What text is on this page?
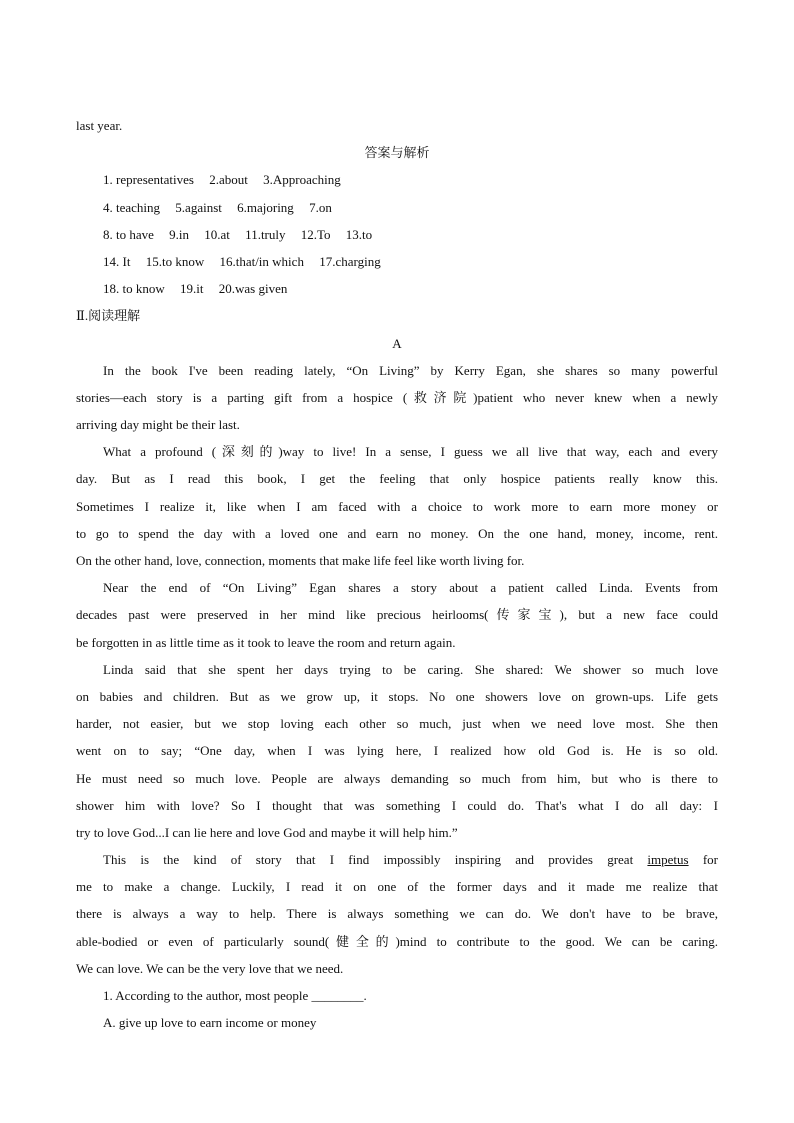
last year.
答案与解析
1. representatives 2.about 3.Approaching
4. teaching 5.against 6.majoring 7.on
8. to have 9.in 10.at 11.truly 12.To 13.to
14. It 15.to know 16.that/in which 17.charging
18. to know 19.it 20.was given
Ⅱ.阅读理解
A
In the book I've been reading lately, “On Living” by Kerry Egan, she shares so many powerful
stories—each story is a parting gift from a hospice (救济院)patient who never knew when a newly
arriving day might be their last.
What a profound (深刻的)way to live! In a sense, I guess we all live that way, each and every
day. But as I read this book, I get the feeling that only hospice patients really know this.
Sometimes I realize it, like when I am faced with a choice to work more to earn more money or
to go to spend the day with a loved one and earn no money. On the one hand, money, income, rent.
On the other hand, love, connection, moments that make life feel like worth living for.
Near the end of “On Living” Egan shares a story about a patient called Linda. Events from
decades past were preserved in her mind like precious heirlooms(传家宝), but a new face could
be forgotten in as little time as it took to leave the room and return again.
Linda said that she spent her days trying to be caring. She shared: We shower so much love
on babies and children. But as we grow up, it stops. No one showers love on grown-ups. Life gets
harder, not easier, but we stop loving each other so much, just when we need love most. She then
went on to say; “One day, when I was lying here, I realized how old God is. He is so old.
He must need so much love. People are always demanding so much from him, but who is there to
shower him with love? So I thought that was something I could do. That's what I do all day: I
try to love God...I can lie here and love God and maybe it will help him.”
This is the kind of story that I find impossibly inspiring and provides great impetus for
me to make a change. Luckily, I read it on one of the former days and it made me realize that
there is always a way to help. There is always something we can do. We don't have to be brave,
able-bodied or even of particularly sound(健全的)mind to contribute to the good. We can be caring.
We can love. We can be the very love that we need.
1. According to the author, most people ________.
A. give up love to earn income or money
